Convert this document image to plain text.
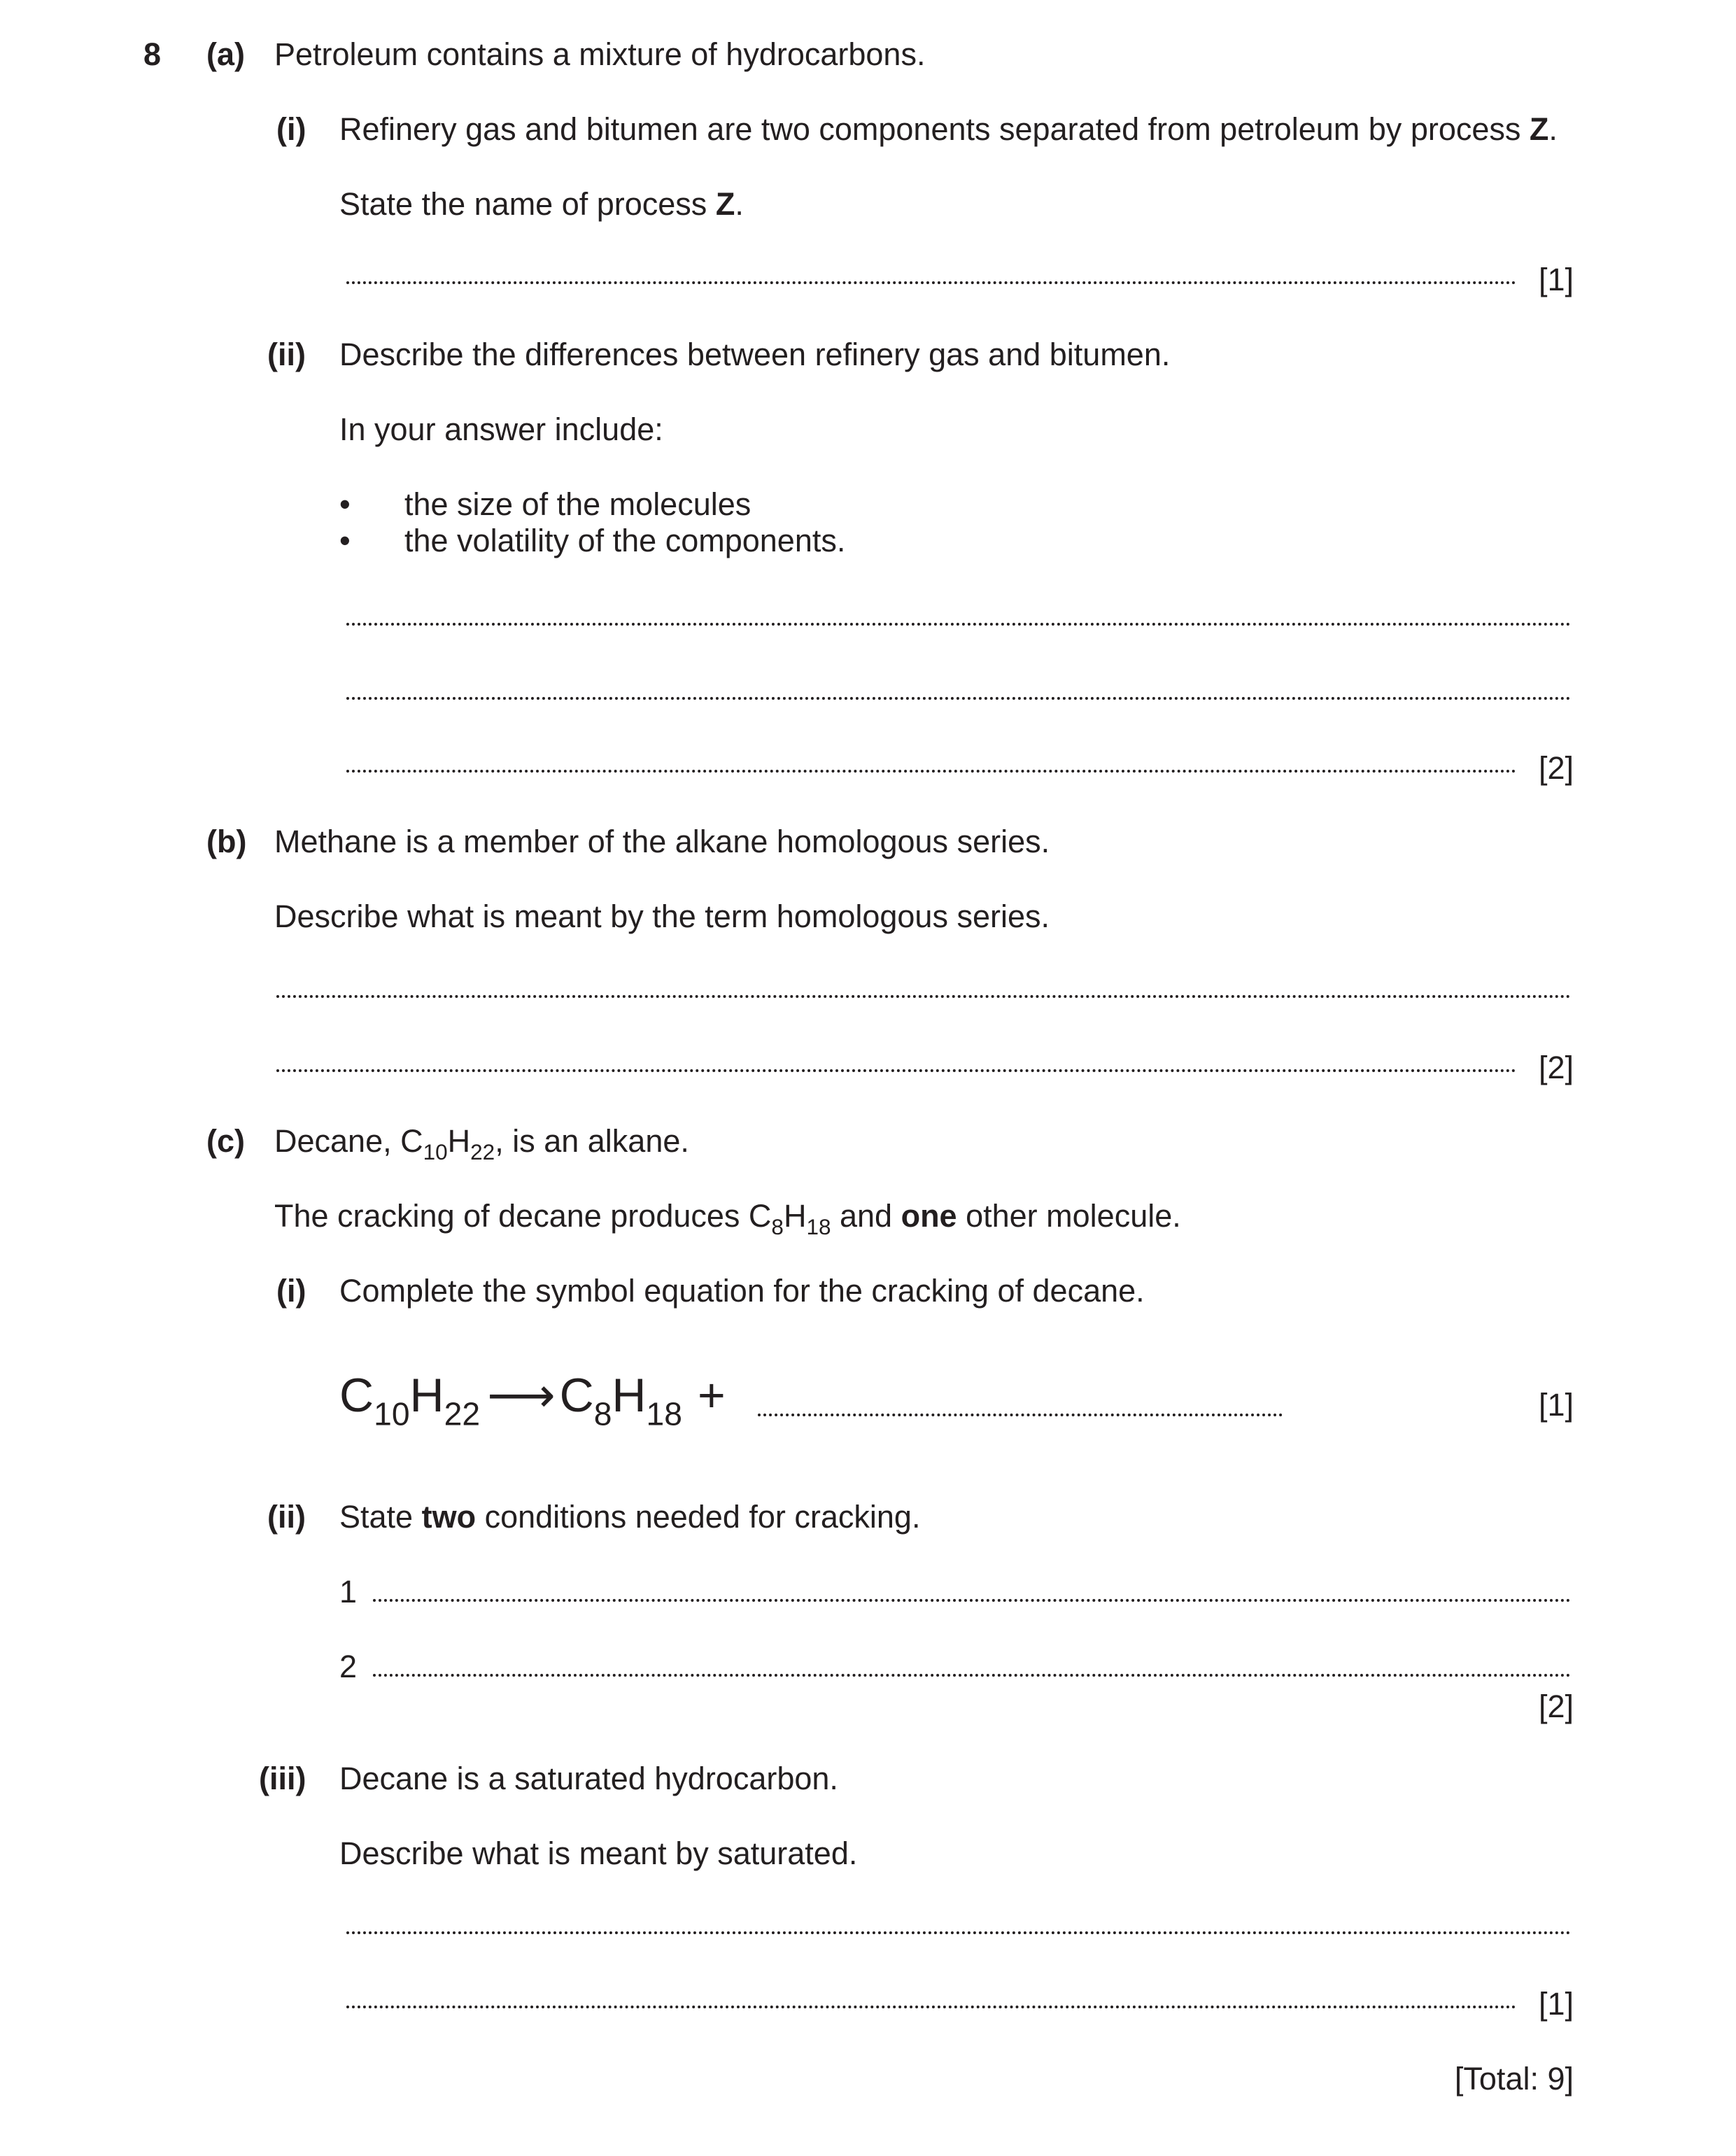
8 (a) Petroleum contains a mixture of hydrocarbons.
(i) Refinery gas and bitumen are two components separated from petroleum by process Z.
State the name of process Z.
[1]
(ii) Describe the differences between refinery gas and bitumen.
In your answer include:
• the size of the molecules
• the volatility of the components.
[2]
(b) Methane is a member of the alkane homologous series.
Describe what is meant by the term homologous series.
[2]
(c) Decane, $C_{10}H_{22}$, is an alkane.
The cracking of decane produces $C_8H_{18}$ and one other molecule.
(i) Complete the symbol equation for the cracking of decane.
$C_{10}H_{22}$ $⟶C_8H_{18}$ +	[1]
(ii) State two conditions needed for cracking.
1
2
[2]
(iii) Decane is a saturated hydrocarbon.
Describe what is meant by saturated.
[1]
[Total: 9]
